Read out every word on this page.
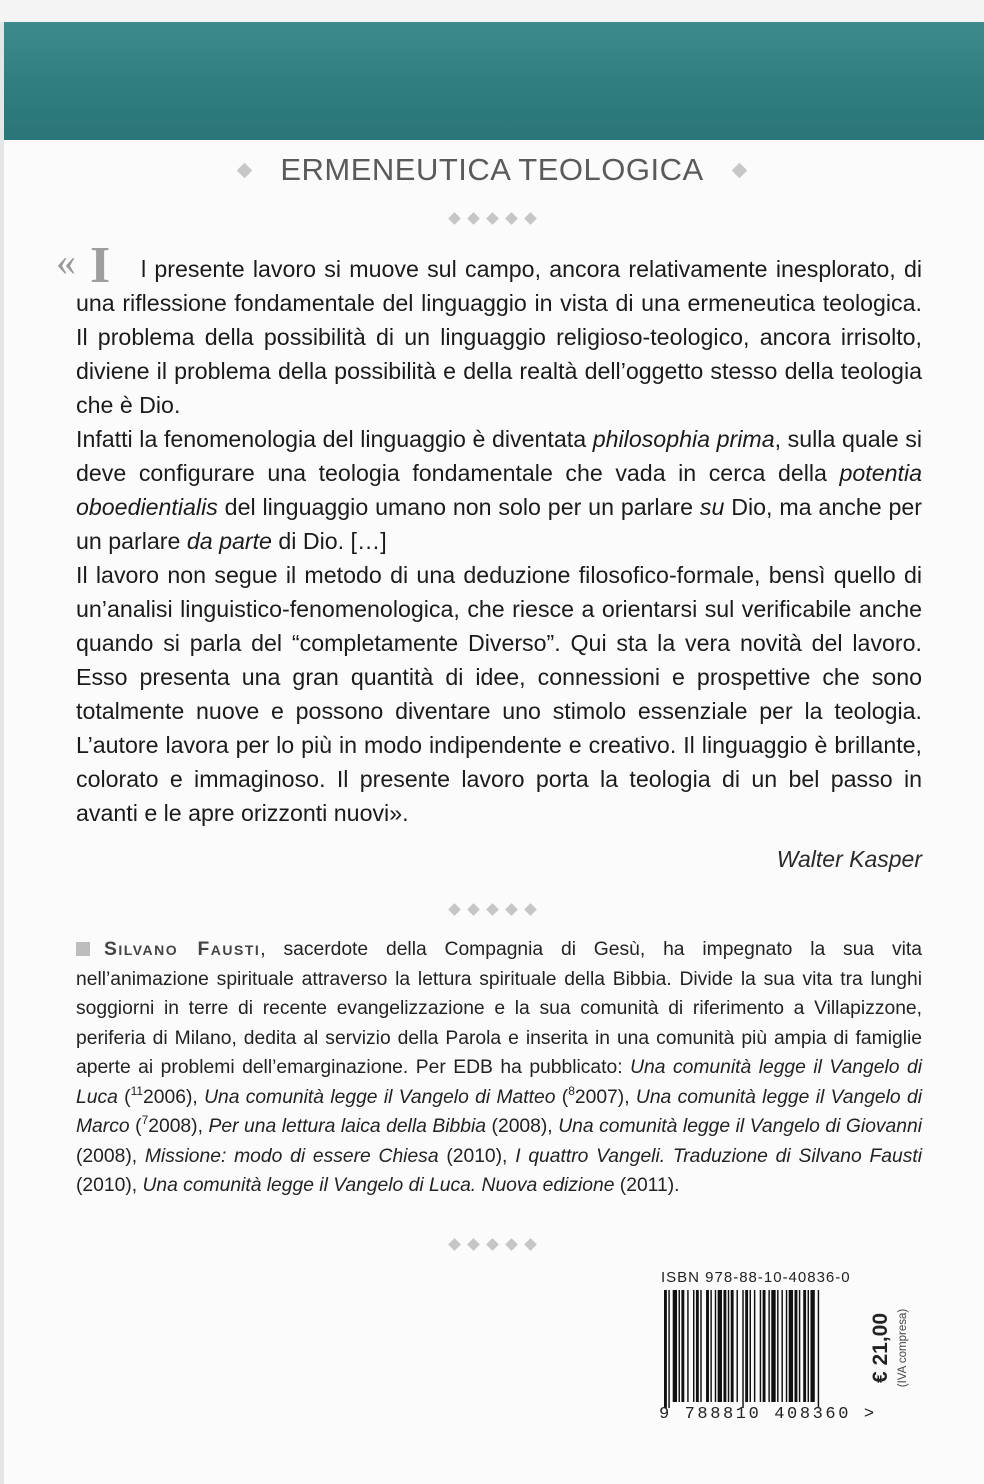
ERMENEUTICA TEOLOGICA
« I	l presente lavoro si muove sul campo, ancora relativamente inesplorato, di una riflessione fondamentale del linguaggio in vista di una ermeneutica teologica. Il problema della possibilità di un linguaggio religioso-teologico, ancora irrisolto, diviene il problema della possibilità e della realtà dell’oggetto stesso della teologia che è Dio.

Infatti la fenomenologia del linguaggio è diventata philosophia prima, sulla quale si deve configurare una teologia fondamentale che vada in cerca della potentia oboedientialis del linguaggio umano non solo per un parlare su Dio, ma anche per un parlare da parte di Dio. […]

Il lavoro non segue il metodo di una deduzione filosofico-formale, bensì quello di un’analisi linguistico-fenomenologica, che riesce a orientarsi sul verificabile anche quando si parla del “completamente Diverso”. Qui sta la vera novità del lavoro. Esso presenta una gran quantità di idee, connessioni e prospettive che sono totalmente nuove e possono diventare uno stimolo essenziale per la teologia. L’autore lavora per lo più in modo indipendente e creativo. Il linguaggio è brillante, colorato e immaginoso. Il presente lavoro porta la teologia di un bel passo in avanti e le apre orizzonti nuovi».

Walter Kasper
Silvano Fausti, sacerdote della Compagnia di Gesù, ha impegnato la sua vita nell’animazione spirituale attraverso la lettura spirituale della Bibbia. Divide la sua vita tra lunghi soggiorni in terre di recente evangelizzazione e la sua comunità di riferimento a Villapizzone, periferia di Milano, dedita al servizio della Parola e inserita in una comunità più ampia di famiglie aperte ai problemi dell’emarginazione. Per EDB ha pubblicato: Una comunità legge il Vangelo di Luca ($^{11}$2006), Una comunità legge il Vangelo di Matteo ($^8$2007), Una comunità legge il Vangelo di Marco ($^7$2008), Per una lettura laica della Bibbia (2008), Una comunità legge il Vangelo di Giovanni (2008), Missione: modo di essere Chiesa (2010), I quattro Vangeli. Traduzione di Silvano Fausti (2010), Una comunità legge il Vangelo di Luca. Nuova edizione (2011).
ISBN 978-88-10-40836-0
9 788810 408360 >
€ 21,00 (IVA compresa)
